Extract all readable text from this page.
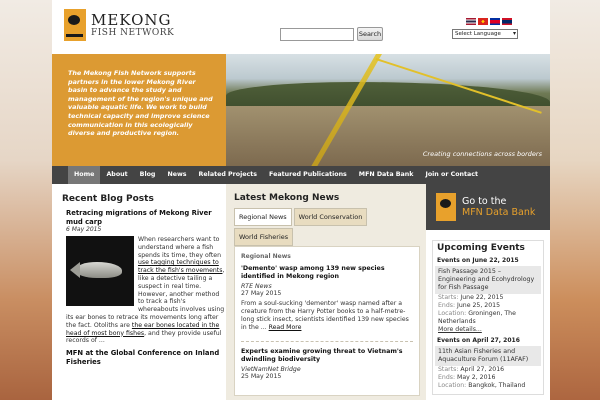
MEKONG
FISH NETWORK	Search	Select Language ▾
The Mekong Fish Network supports partners in the lower Mekong River basin to advance the study and management of the region's unique and valuable aquatic life. We work to build technical capacity and improve science communication in this ecologically diverse and productive region.
Creating connections across borders
Home	About	Blog	News	Related Projects	Featured Publications	MFN Data Bank	Join or Contact
Recent Blog Posts
Retracing migrations of Mekong River mud carp
6 May 2015
When researchers want to understand where a fish spends its time, they often use tagging techniques to track the fish's movements, like a detective tailing a suspect in real time. However, another method to track a fish's whereabouts involves using its ear bones to retrace its movements long after the fact. Otoliths are the ear bones located in the head of most bony fishes, and they provide useful records of ...
MFN at the Global Conference on Inland Fisheries
Latest Mekong News
Regional News	World Conservation
World Fisheries
Regional News
'Demento' wasp among 139 new species identified in Mekong region
RTE News
27 May 2015
From a soul-sucking 'dementor' wasp named after a creature from the Harry Potter books to a half-metre-long stick insect, scientists identified 139 new species in the ... Read More
Experts examine growing threat to Vietnam's dwindling biodiversity
VietNamNet Bridge
25 May 2015
Go to the
MFN Data Bank
Upcoming Events
Events on June 22, 2015
Fish Passage 2015 – Engineering and Ecohydrology for Fish Passage
Starts: June 22, 2015
Ends: June 25, 2015
Location: Groningen, The Netherlands
More details...
Events on April 27, 2016
11th Asian Fisheries and Aquaculture Forum (11AFAF)
Starts: April 27, 2016
Ends: May 2, 2016
Location: Bangkok, Thailand
